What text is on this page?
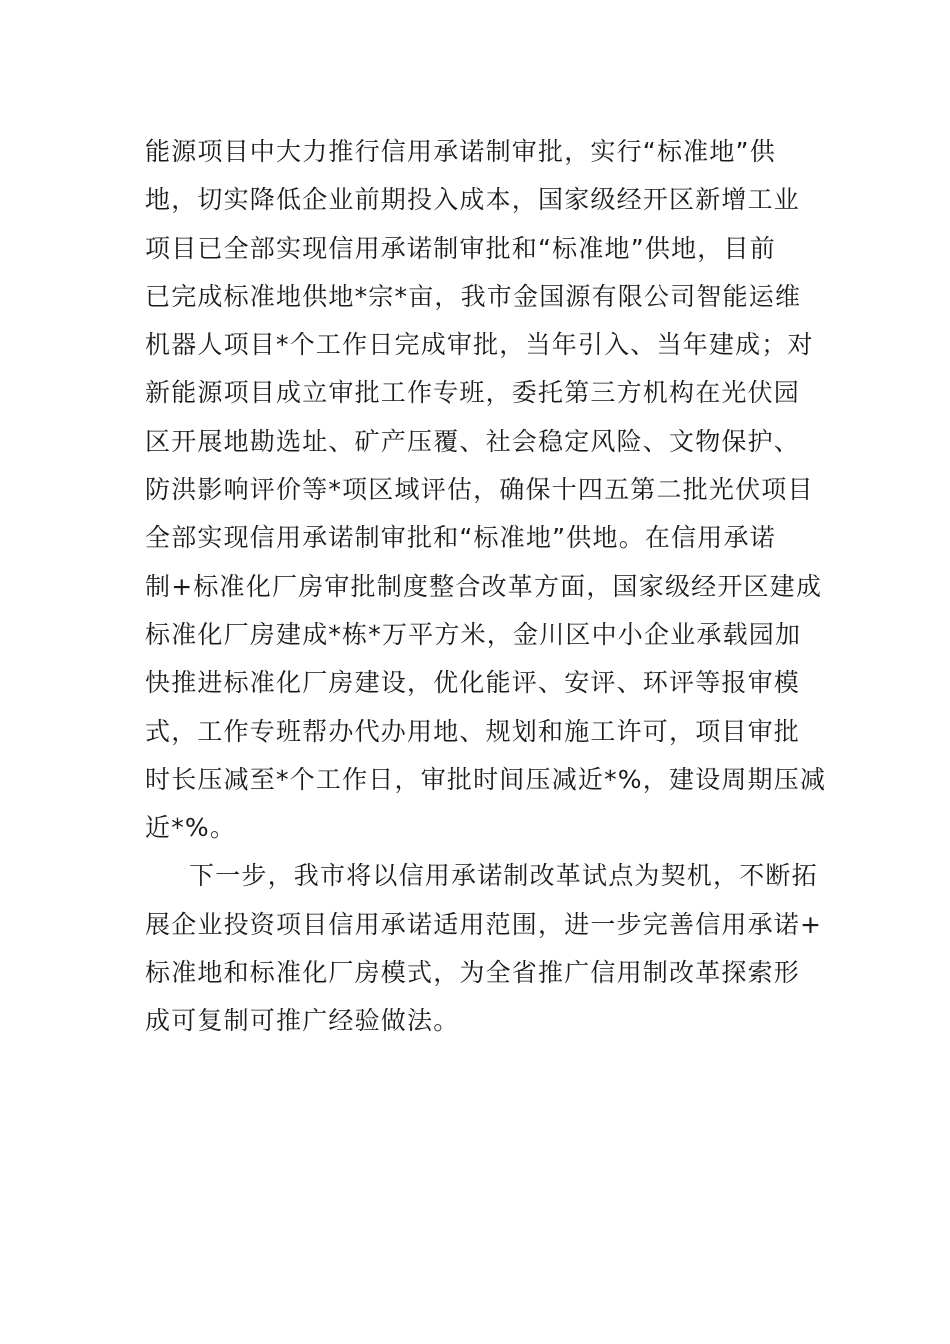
能源项目中大力推行信用承诺制审批，实行“标准地”供
地，切实降低企业前期投入成本，国家级经开区新增工业
项目已全部实现信用承诺制审批和“标准地”供地，目前
已完成标准地供地*宗*亩，我市金国源有限公司智能运维
机器人项目*个工作日完成审批，当年引入、当年建成；对
新能源项目成立审批工作专班，委托第三方机构在光伏园
区开展地勘选址、矿产压覆、社会稳定风险、文物保护、
防洪影响评价等*项区域评估，确保十四五第二批光伏项目
全部实现信用承诺制审批和“标准地”供地。在信用承诺
制+标准化厂房审批制度整合改革方面，国家级经开区建成
标准化厂房建成*栋*万平方米，金川区中小企业承载园加
快推进标准化厂房建设，优化能评、安评、环评等报审模
式，工作专班帮办代办用地、规划和施工许可，项目审批
时长压减至*个工作日，审批时间压减近*%，建设周期压减
近*%。
下一步，我市将以信用承诺制改革试点为契机，不断拓
展企业投资项目信用承诺适用范围，进一步完善信用承诺+
标准地和标准化厂房模式，为全省推广信用制改革探索形
成可复制可推广经验做法。
